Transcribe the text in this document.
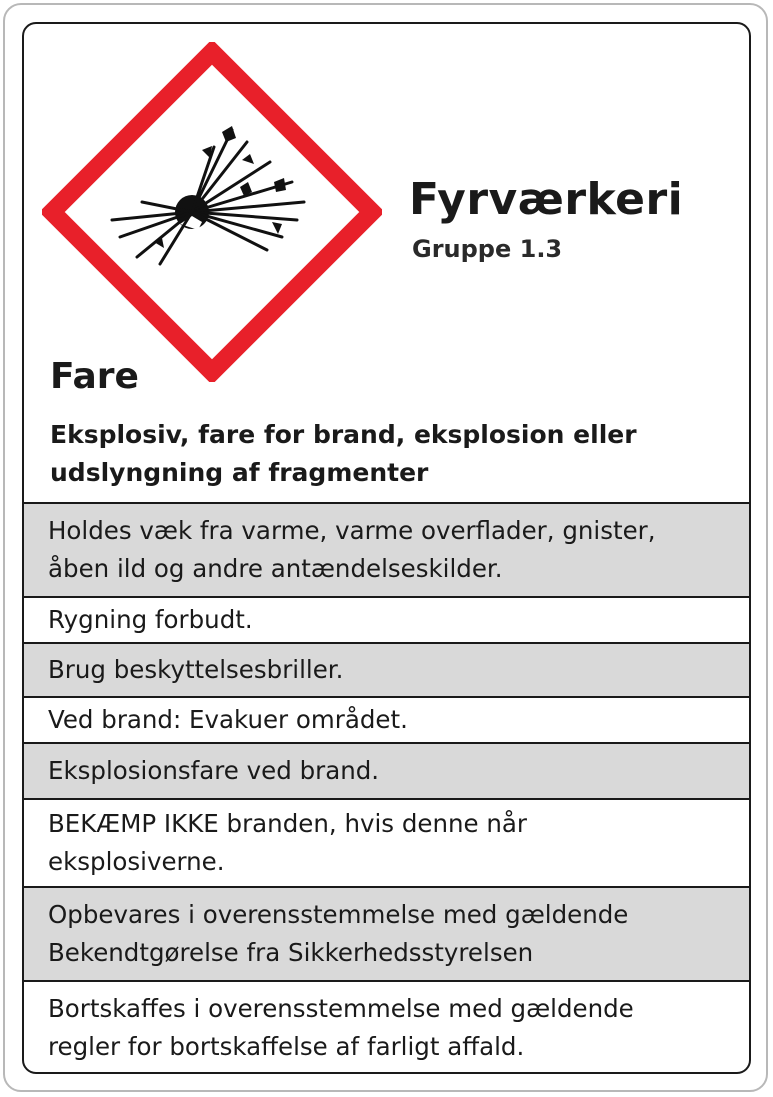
Fyrværkeri
Gruppe 1.3
Fare
Eksplosiv, fare for brand, eksplosion eller udslyngning af fragmenter
Holdes væk fra varme, varme overflader, gnister,
åben ild og andre antændelseskilder.
Rygning forbudt.
Brug beskyttelsesbriller.
Ved brand: Evakuer området.
Eksplosionsfare ved brand.
BEKÆMP IKKE branden, hvis denne når
eksplosiverne.
Opbevares i overensstemmelse med gældende
Bekendtgørelse fra Sikkerhedsstyrelsen
Bortskaffes i overensstemmelse med gældende
regler for bortskaffelse af farligt affald.
